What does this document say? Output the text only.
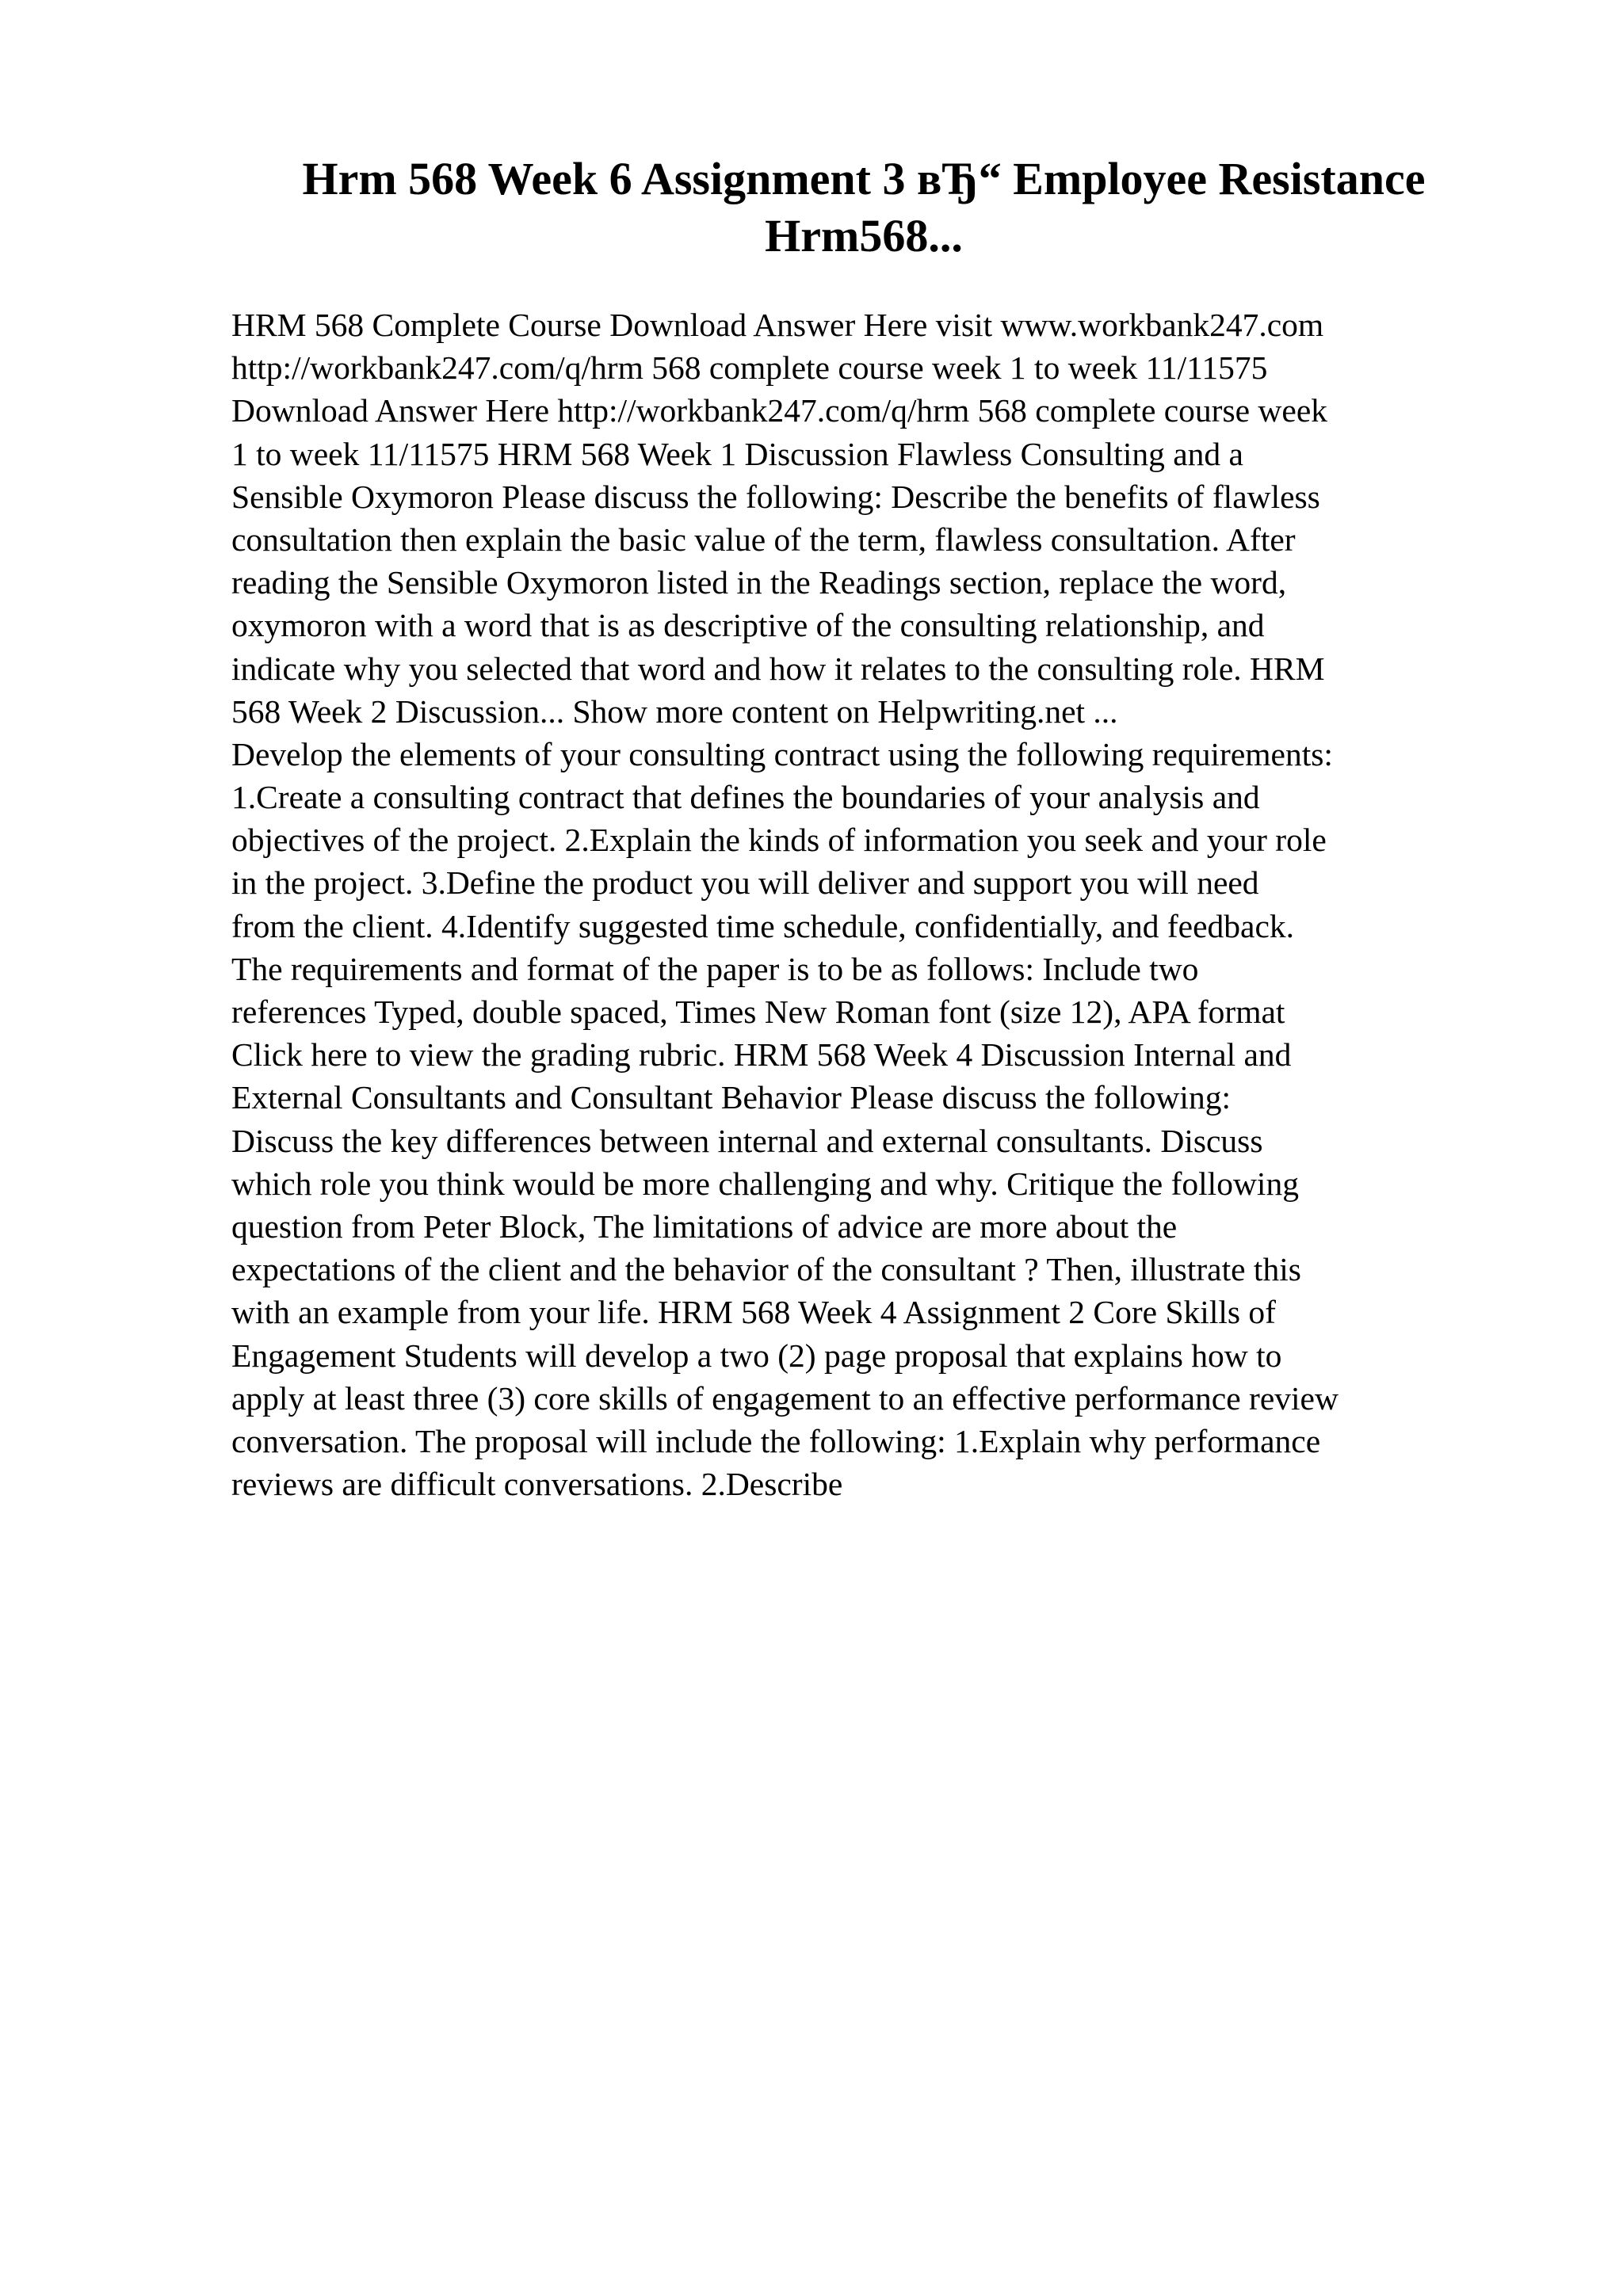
Hrm 568 Week 6 Assignment 3 вЂ“ Employee Resistance Hrm568...
HRM 568 Complete Course Download Answer Here visit www.workbank247.com
http://workbank247.com/q/hrm 568 complete course week 1 to week 11/11575
Download Answer Here http://workbank247.com/q/hrm 568 complete course week
1 to week 11/11575 HRM 568 Week 1 Discussion Flawless Consulting and a
Sensible Oxymoron Please discuss the following: Describe the benefits of flawless
consultation then explain the basic value of the term, flawless consultation. After
reading the Sensible Oxymoron listed in the Readings section, replace the word,
oxymoron with a word that is as descriptive of the consulting relationship, and
indicate why you selected that word and how it relates to the consulting role. HRM
568 Week 2 Discussion... Show more content on Helpwriting.net ...
Develop the elements of your consulting contract using the following requirements:
1.Create a consulting contract that defines the boundaries of your analysis and
objectives of the project. 2.Explain the kinds of information you seek and your role
in the project. 3.Define the product you will deliver and support you will need
from the client. 4.Identify suggested time schedule, confidentially, and feedback.
The requirements and format of the paper is to be as follows: Include two
references Typed, double spaced, Times New Roman font (size 12), APA format
Click here to view the grading rubric. HRM 568 Week 4 Discussion Internal and
External Consultants and Consultant Behavior Please discuss the following:
Discuss the key differences between internal and external consultants. Discuss
which role you think would be more challenging and why. Critique the following
question from Peter Block, The limitations of advice are more about the
expectations of the client and the behavior of the consultant ? Then, illustrate this
with an example from your life. HRM 568 Week 4 Assignment 2 Core Skills of
Engagement Students will develop a two (2) page proposal that explains how to
apply at least three (3) core skills of engagement to an effective performance review
conversation. The proposal will include the following: 1.Explain why performance
reviews are difficult conversations. 2.Describe
